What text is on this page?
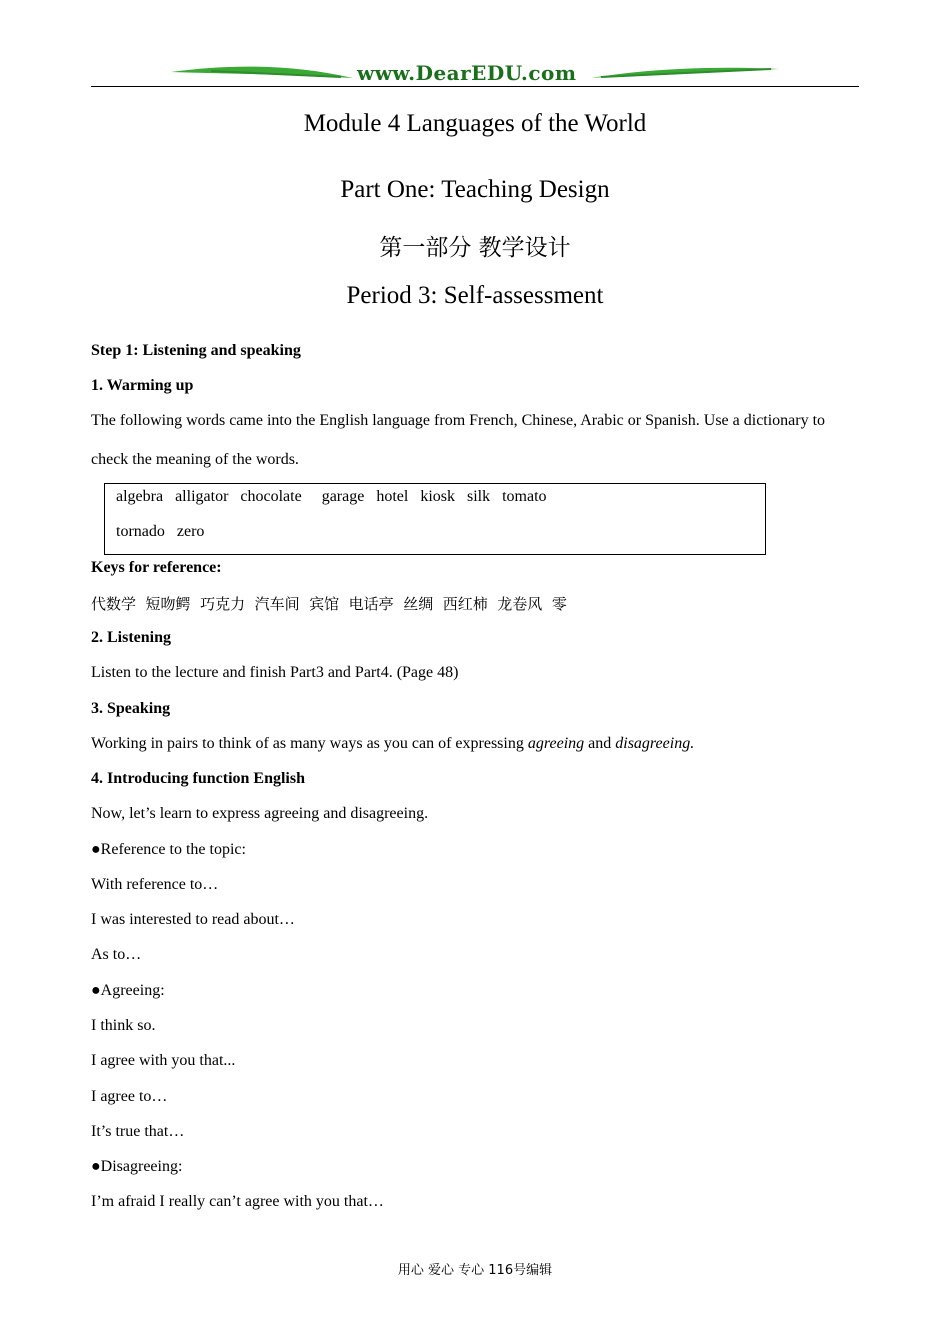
www.DearEDU.com
Module 4 Languages of the World
Part One: Teaching Design
第一部分 教学设计
Period 3: Self-assessment
Step 1: Listening and speaking
1. Warming up
The following words came into the English language from French, Chinese, Arabic or Spanish. Use a dictionary to
check the meaning of the words.
algebra   alligator   chocolate     garage   hotel   kiosk   silk   tomato
tornado   zero
Keys for reference:
代数学  短吻鳄  巧克力  汽车间  宾馆  电话亭  丝绸  西红柿  龙卷风  零
2. Listening
Listen to the lecture and finish Part3 and Part4. (Page 48)
3. Speaking
Working in pairs to think of as many ways as you can of expressing agreeing and disagreeing.
4. Introducing function English
Now, let’s learn to express agreeing and disagreeing.
●Reference to the topic:
With reference to…
I was interested to read about…
As to…
●Agreeing:
I think so.
I agree with you that...
I agree to…
It’s true that…
●Disagreeing:
I’m afraid I really can’t agree with you that…
用心 爱心 专心 116号编辑
